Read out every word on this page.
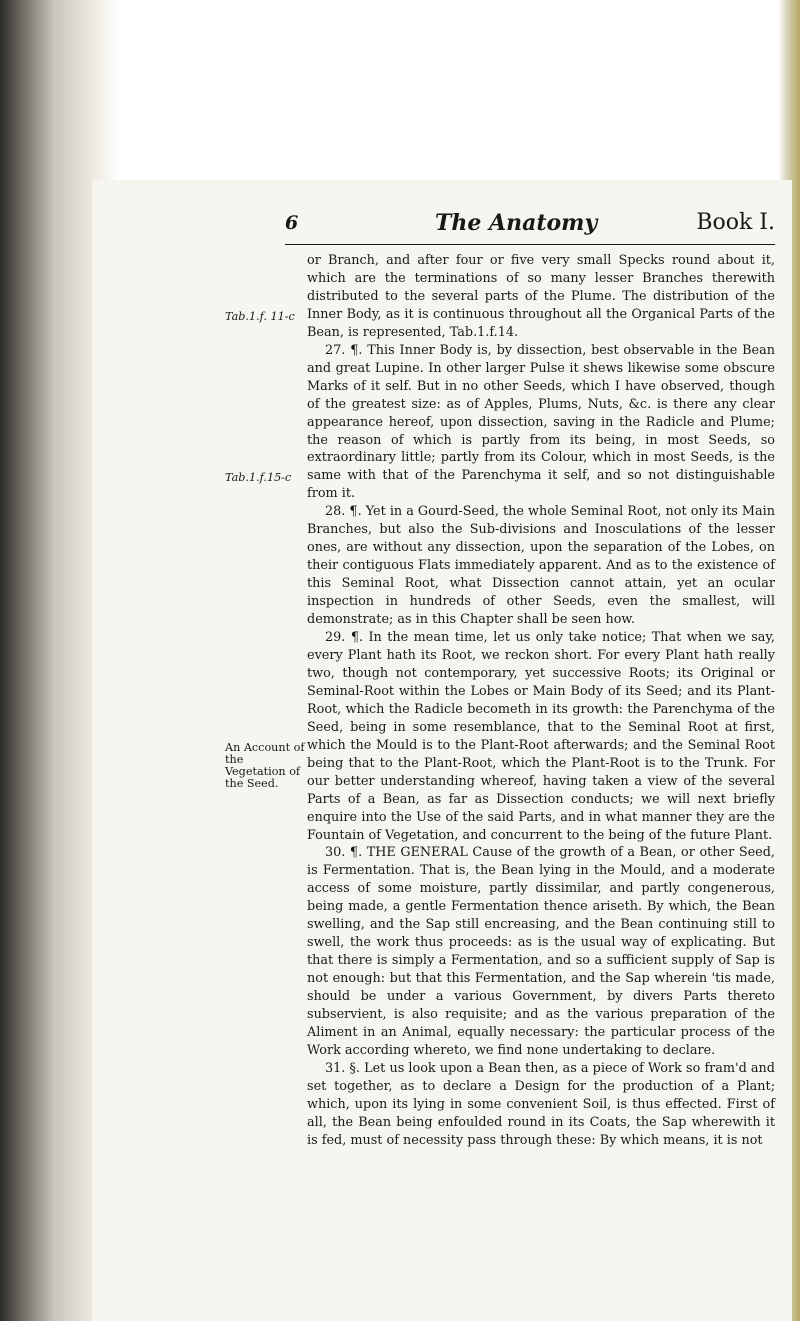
6	The Anatomy	Book I.
Tab.1.f. 11-c
Tab.1.f.15-c
An Account of the Vegetation of the Seed.

or Branch, and after four or five very small Specks round about it, which are the terminations of so many lesser Branches therewith distributed to the several parts of the Plume. The distribution of the Inner Body, as it is continuous throughout all the Organical Parts of the Bean, is represented, Tab.1.f.14.

27. ¶. This Inner Body is, by dissection, best observable in the Bean and great Lupine. In other larger Pulse it shews likewise some obscure Marks of it self. But in no other Seeds, which I have observed, though of the greatest size: as of Apples, Plums, Nuts, &c. is there any clear appearance hereof, upon dissection, saving in the Radicle and Plume; the reason of which is partly from its being, in most Seeds, so extraordinary little; partly from its Colour, which in most Seeds, is the same with that of the Parenchyma it self, and so not distinguishable from it.

28. ¶. Yet in a Gourd-Seed, the whole Seminal Root, not only its Main Branches, but also the Sub-divisions and Inosculations of the lesser ones, are without any dissection, upon the separation of the Lobes, on their contiguous Flats immediately apparent. And as to the existence of this Seminal Root, what Dissection cannot attain, yet an ocular inspection in hundreds of other Seeds, even the smallest, will demonstrate; as in this Chapter shall be seen how.

29. ¶. In the mean time, let us only take notice; That when we say, every Plant hath its Root, we reckon short. For every Plant hath really two, though not contemporary, yet successive Roots; its Original or Seminal-Root within the Lobes or Main Body of its Seed; and its Plant-Root, which the Radicle becometh in its growth: the Parenchyma of the Seed, being in some resemblance, that to the Seminal Root at first, which the Mould is to the Plant-Root afterwards; and the Seminal Root being that to the Plant-Root, which the Plant-Root is to the Trunk. For our better understanding whereof, having taken a view of the several Parts of a Bean, as far as Dissection conducts; we will next briefly enquire into the Use of the said Parts, and in what manner they are the Fountain of Vegetation, and concurrent to the being of the future Plant.

30. ¶. THE GENERAL Cause of the growth of a Bean, or other Seed, is Fermentation. That is, the Bean lying in the Mould, and a moderate access of some moisture, partly dissimilar, and partly congenerous, being made, a gentle Fermentation thence ariseth. By which, the Bean swelling, and the Sap still encreasing, and the Bean continuing still to swell, the work thus proceeds: as is the usual way of explicating. But that there is simply a Fermentation, and so a sufficient supply of Sap is not enough: but that this Fermentation, and the Sap wherein 'tis made, should be under a various Government, by divers Parts thereto subservient, is also requisite; and as the various preparation of the Aliment in an Animal, equally necessary: the particular process of the Work according whereto, we find none undertaking to declare.

31. §. Let us look upon a Bean then, as a piece of Work so fram'd and set together, as to declare a Design for the production of a Plant; which, upon its lying in some convenient Soil, is thus effected. First of all, the Bean being enfoulded round in its Coats, the Sap wherewith it is fed, must of necessity pass through these: By which means, it is not
